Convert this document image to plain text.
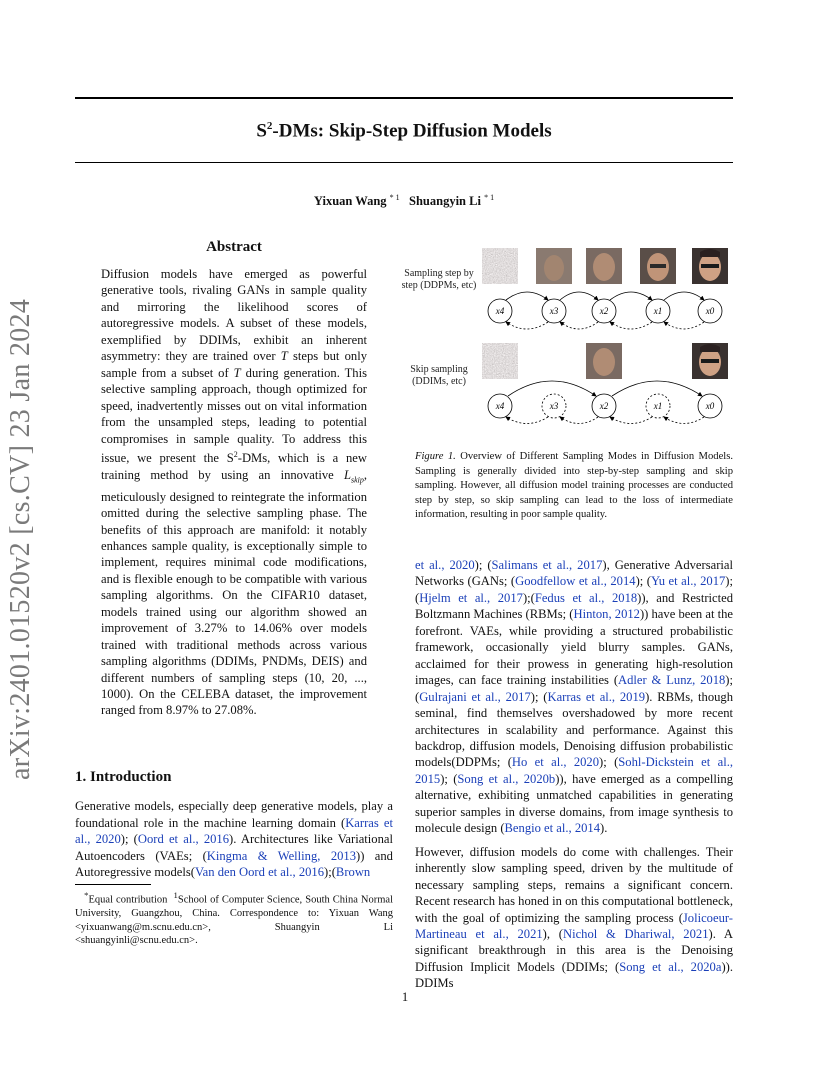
arXiv:2401.01520v2 [cs.CV] 23 Jan 2024
$S^2$-DMs: Skip-Step Diffusion Models
Yixuan Wang $^{* 1}$ Shuangyin Li $^{* 1}$
Abstract
Diffusion models have emerged as powerful generative tools, rivaling GANs in sample quality and mirroring the likelihood scores of autoregressive models. A subset of these models, exemplified by DDIMs, exhibit an inherent asymmetry: they are trained over T steps but only sample from a subset of T during generation. This selective sampling approach, though optimized for speed, inadvertently misses out on vital information from the unsampled steps, leading to potential compromises in sample quality. To address this issue, we present the $S^2$-DMs, which is a new training method by using an innovative $L_{skip}$, meticulously designed to reintegrate the information omitted during the selective sampling phase. The benefits of this approach are manifold: it notably enhances sample quality, is exceptionally simple to implement, requires minimal code modifications, and is flexible enough to be compatible with various sampling algorithms. On the CIFAR10 dataset, models trained using our algorithm showed an improvement of 3.27% to 14.06% over models trained with traditional methods across various sampling algorithms (DDIMs, PNDMs, DEIS) and different numbers of sampling steps (10, 20, ..., 1000). On the CELEBA dataset, the improvement ranged from 8.97% to 27.08%.
1. Introduction
Generative models, especially deep generative models, play a foundational role in the machine learning domain (Karras et al., 2020); (Oord et al., 2016). Architectures like Variational Autoencoders (VAEs; (Kingma & Welling, 2013)) and Autoregressive models(Van den Oord et al., 2016);(Brown
*Equal contribution  $^1$School of Computer Science, South China Normal University, Guangzhou, China. Correspondence to: Yixuan Wang <yixuanwang@m.scnu.edu.cn>, Shuangyin Li <shuangyinli@scnu.edu.cn>.
x4	x3	x2	x1	x0
x4	x3	x2	x1	x0
Sampling step by step (DDPMs, etc)
Skip sampling (DDIMs, etc)
Figure 1. Overview of Different Sampling Modes in Diffusion Models. Sampling is generally divided into step-by-step sampling and skip sampling. However, all diffusion model training processes are conducted step by step, so skip sampling can lead to the loss of intermediate information, resulting in poor sample quality.

et al., 2020); (Salimans et al., 2017), Generative Adversarial Networks (GANs; (Goodfellow et al., 2014); (Yu et al., 2017); (Hjelm et al., 2017);(Fedus et al., 2018)), and Restricted Boltzmann Machines (RBMs; (Hinton, 2012)) have been at the forefront. VAEs, while providing a structured probabilistic framework, occasionally yield blurry samples. GANs, acclaimed for their prowess in generating high-resolution images, can face training instabilities (Adler & Lunz, 2018); (Gulrajani et al., 2017); (Karras et al., 2019). RBMs, though seminal, find themselves overshadowed by more recent architectures in scalability and performance. Against this backdrop, diffusion models, Denoising diffusion probabilistic models(DDPMs; (Ho et al., 2020); (Sohl-Dickstein et al., 2015); (Song et al., 2020b)), have emerged as a compelling alternative, exhibiting unmatched capabilities in generating superior samples in diverse domains, from image synthesis to molecule design (Bengio et al., 2014).

However, diffusion models do come with challenges. Their inherently slow sampling speed, driven by the multitude of necessary sampling steps, remains a significant concern. Recent research has honed in on this computational bottleneck, with the goal of optimizing the sampling process (Jolicoeur-Martineau et al., 2021), (Nichol & Dhariwal, 2021). A significant breakthrough in this area is the Denoising Diffusion Implicit Models (DDIMs; (Song et al., 2020a)). DDIMs

1
